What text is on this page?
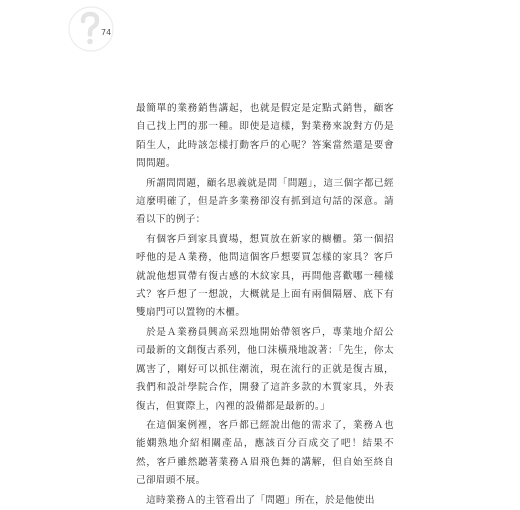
74

最簡單的業務銷售講起，也就是假定是定點式銷售，顧客自己找上門的那一種。即使是這樣，對業務來說對方仍是陌生人，此時該怎樣打動客戶的心呢？答案當然還是要會問問題。

所謂問問題，顧名思義就是問「問題」，這三個字都已經這麼明確了，但是許多業務卻沒有抓到這句話的深意。請看以下的例子：

有個客戶到家具賣場，想買放在新家的櫥櫃。第一個招呼他的是Ａ業務，他問這個客戶想要買怎樣的家具？客戶就說他想買帶有復古感的木紋家具，再問他喜歡哪一種樣式？客戶想了一想說，大概就是上面有兩個隔層、底下有雙扇門可以置物的木櫃。

於是Ａ業務員興高采烈地開始帶領客戶，專業地介紹公司最新的文創復古系列，他口沫橫飛地說著：「先生，你太厲害了，剛好可以抓住潮流，現在流行的正就是復古風，我們和設計學院合作，開發了這許多款的木質家具，外表復古，但實際上，內裡的設備都是最新的。」

在這個案例裡，客戶都已經說出他的需求了，業務Ａ也能嫻熟地介紹相關產品，應該百分百成交了吧！結果不然，客戶雖然聽著業務Ａ眉飛色舞的講解，但自始至終自己卻眉頭不展。

這時業務Ａ的主管看出了「問題」所在，於是他使出
